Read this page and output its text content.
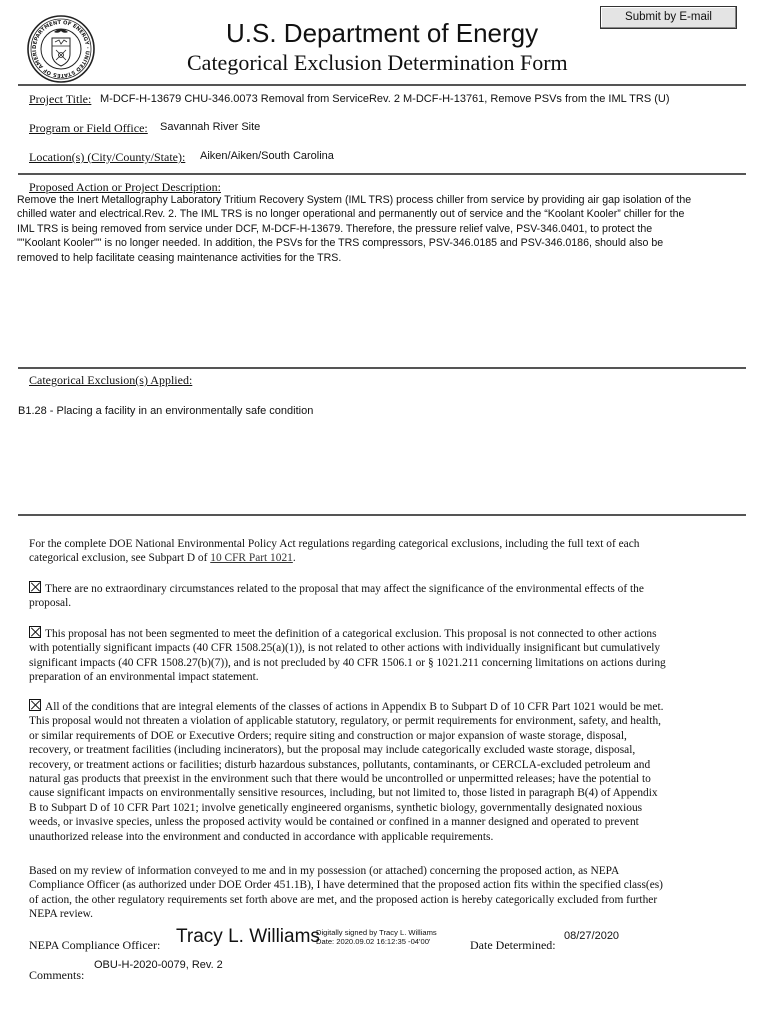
DEPARTMENT OF ENERGY · UNITED STATES OF AMERI
Submit by E-mail
U.S. Department of Energy
Categorical Exclusion Determination Form
Project Title: M-DCF-H-13679 CHU-346.0073 Removal from ServiceRev. 2 M-DCF-H-13761, Remove PSVs from the IML TRS (U)
Program or Field Office: Savannah River Site
Location(s) (City/County/State): Aiken/Aiken/South Carolina
Proposed Action or Project Description:
Remove the Inert Metallography Laboratory Tritium Recovery System (IML TRS) process chiller from service by providing air gap isolation of the
chilled water and electrical.Rev. 2. The IML TRS is no longer operational and permanently out of service and the “Koolant Kooler” chiller for the
IML TRS is being removed from service under DCF, M-DCF-H-13679. Therefore, the pressure relief valve, PSV-346.0401, to protect the
""Koolant Kooler"" is no longer needed. In addition, the PSVs for the TRS compressors, PSV-346.0185 and PSV-346.0186, should also be
removed to help facilitate ceasing maintenance activities for the TRS.
Categorical Exclusion(s) Applied:
B1.28 - Placing a facility in an environmentally safe condition
For the complete DOE National Environmental Policy Act regulations regarding categorical exclusions, including the full text of each
categorical exclusion, see Subpart D of 10 CFR Part 1021.
There are no extraordinary circumstances related to the proposal that may affect the significance of the environmental effects of the
proposal.
This proposal has not been segmented to meet the definition of a categorical exclusion. This proposal is not connected to other actions
with potentially significant impacts (40 CFR 1508.25(a)(1)), is not related to other actions with individually insignificant but cumulatively
significant impacts (40 CFR 1508.27(b)(7)), and is not precluded by 40 CFR 1506.1 or § 1021.211 concerning limitations on actions during
preparation of an environmental impact statement.
All of the conditions that are integral elements of the classes of actions in Appendix B to Subpart D of 10 CFR Part 1021 would be met.
This proposal would not threaten a violation of applicable statutory, regulatory, or permit requirements for environment, safety, and health,
or similar requirements of DOE or Executive Orders; require siting and construction or major expansion of waste storage, disposal,
recovery, or treatment facilities (including incinerators), but the proposal may include categorically excluded waste storage, disposal,
recovery, or treatment actions or facilities; disturb hazardous substances, pollutants, contaminants, or CERCLA-excluded petroleum and
natural gas products that preexist in the environment such that there would be uncontrolled or unpermitted releases; have the potential to
cause significant impacts on environmentally sensitive resources, including, but not limited to, those listed in paragraph B(4) of Appendix
B to Subpart D of 10 CFR Part 1021; involve genetically engineered organisms, synthetic biology, governmentally designated noxious
weeds, or invasive species, unless the proposed activity would be contained or confined in a manner designed and operated to prevent
unauthorized release into the environment and conducted in accordance with applicable requirements.
Based on my review of information conveyed to me and in my possession (or attached) concerning the proposed action, as NEPA
Compliance Officer (as authorized under DOE Order 451.1B), I have determined that the proposed action fits within the specified class(es)
of action, the other regulatory requirements set forth above are met, and the proposed action is hereby categorically excluded from further
NEPA review.
NEPA Compliance Officer: Tracy L. Williams
Digitally signed by Tracy L. Williams
Date: 2020.09.02 16:12:35 -04'00'	Date Determined:
08/27/2020
Comments:
OBU-H-2020-0079, Rev. 2
